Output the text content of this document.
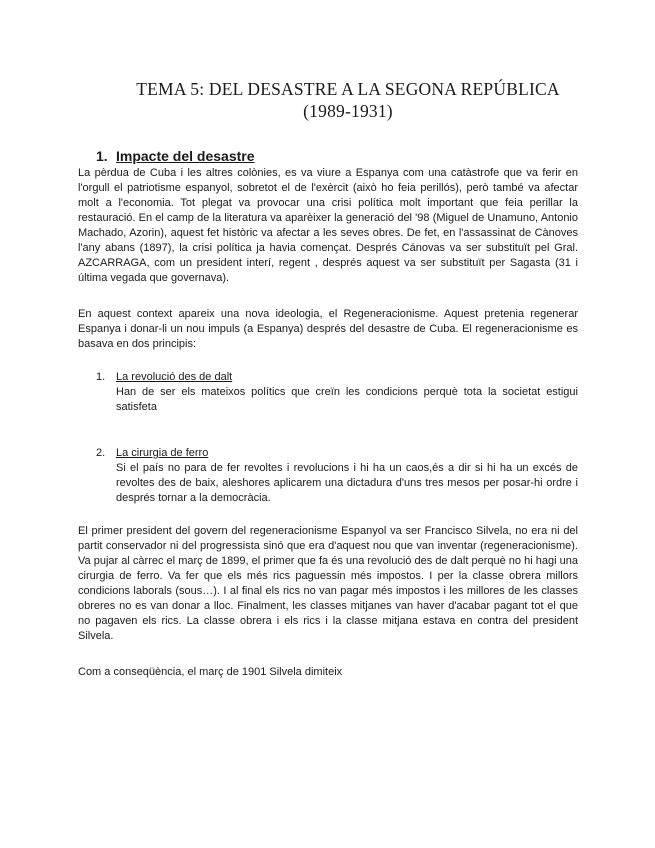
TEMA 5: DEL DESASTRE A LA SEGONA REPÚBLICA
(1989-1931)
1. Impacte del desastre

La pèrdua de Cuba i les altres colònies, es va viure a Espanya com una catàstrofe que va ferir en l'orgull el patriotisme espanyol, sobretot el de l'exèrcit (això ho feia perillós), però també va afectar molt a l'economia. Tot plegat va provocar una crisi política molt important que feia perillar la restauració. En el camp de la literatura va aparèixer la generació del '98 (Miguel de Unamuno, Antonio Machado, Azorin), aquest fet històric va afectar a les seves obres. De fet, en l'assassinat de Cànoves l'any abans (1897), la crisi política ja havia començat. Després Cánovas va ser substituït pel Gral. AZCARRAGA, com un president interí, regent , després aquest va ser substituït per Sagasta (31 i última vegada que governava).

En aquest context apareix una nova ideologia, el Regeneracionisme. Aquest pretenia regenerar Espanya i donar-li un nou impuls (a Espanya) després del desastre de Cuba. El regeneracionisme es basava en dos principis:

1. La revolució des de dalt

Han de ser els mateixos polítics que creïn les condicions perquè tota la societat estigui satisfeta

2. La cirurgia de ferro

Si el país no para de fer revoltes i revolucions i hi ha un caos,és a dir si hi ha un excés de revoltes des de baix, aleshores aplicarem una dictadura d'uns tres mesos per posar-hi ordre i després tornar a la democràcia.

El primer president del govern del regeneracionisme Espanyol va ser Francisco Silvela, no era ni del partit conservador ni del progressista sinó que era d'aquest nou que van inventar (regeneracionisme). Va pujar al càrrec el març de 1899, el primer que fa és una revolució des de dalt perquè no hi hagi una cirurgia de ferro. Va fer que els més rics paguessin més impostos. I per la classe obrera millors condicions laborals (sous…). I al final els rics no van pagar més impostos i les millores de les classes obreres no es van donar a lloc. Finalment, les classes mitjanes van haver d'acabar pagant tot el que no pagaven els rics. La classe obrera i els rics i la classe mitjana estava en contra del president Silvela.

Com a conseqüència, el març de 1901 Silvela dimiteix
